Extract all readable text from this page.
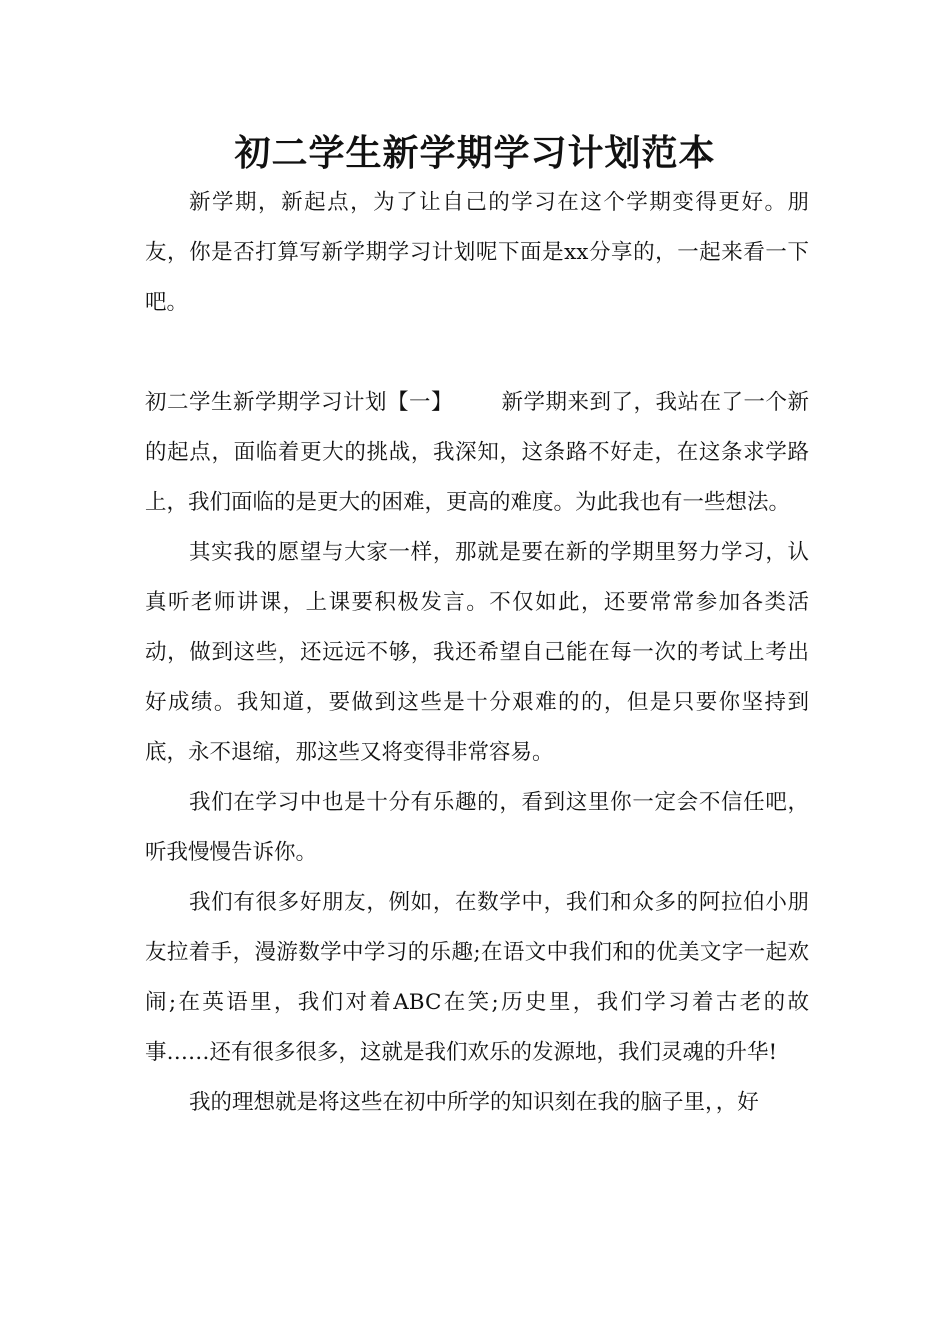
初二学生新学期学习计划范本

新学期，新起点，为了让自己的学习在这个学期变得更好。朋友，你是否打算写新学期学习计划呢下面是xx分享的，一起来看一下吧。

初二学生新学期学习计划【一】 新学期来到了，我站在了一个新的起点，面临着更大的挑战，我深知，这条路不好走，在这条求学路上，我们面临的是更大的困难，更高的难度。为此我也有一些想法。

其实我的愿望与大家一样，那就是要在新的学期里努力学习，认真听老师讲课，上课要积极发言。不仅如此，还要常常参加各类活动，做到这些，还远远不够，我还希望自己能在每一次的考试上考出好成绩。我知道，要做到这些是十分艰难的的，但是只要你坚持到底，永不退缩，那这些又将变得非常容易。

我们在学习中也是十分有乐趣的，看到这里你一定会不信任吧，听我慢慢告诉你。

我们有很多好朋友，例如，在数学中，我们和众多的阿拉伯小朋友拉着手，漫游数学中学习的乐趣;在语文中我们和的优美文字一起欢闹;在英语里，我们对着ABC在笑;历史里，我们学习着古老的故事……还有很多很多，这就是我们欢乐的发源地，我们灵魂的升华!

我的理想就是将这些在初中所学的知识刻在我的脑子里，，好
